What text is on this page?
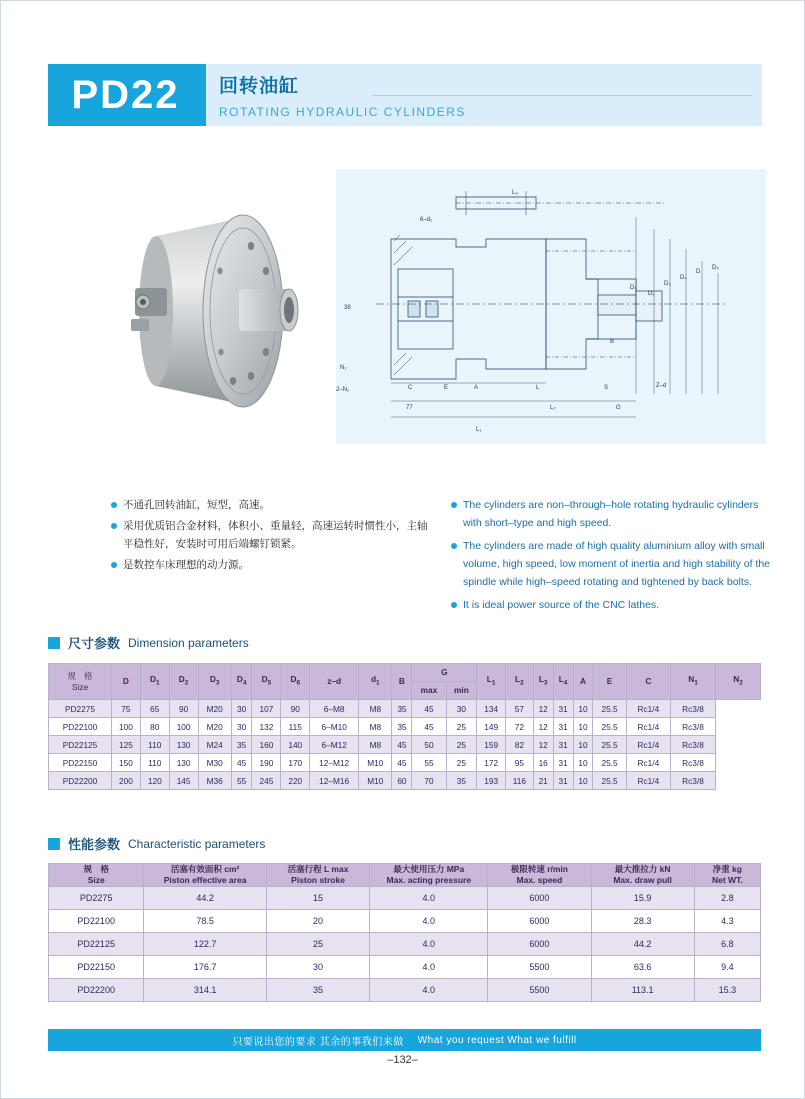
PD22	回转油缸
ROTATING HYDRAULIC CYLINDERS
D₁
D₂
D₃
D₄
D
D₅
L₃
6–d₁
38
N₂
2–N₁	C	E	A
77
L
L₂
L₁
B
S
G
Z–d
不通孔回转油缸，短型，高速。
采用优质铝合金材料，体积小、重量轻，高速运转时惯性小，主轴平稳性好，安装时可用后端螺钉锁紧。
是数控车床理想的动力源。
The cylinders are non–through–hole rotating hydraulic cylinders with short–type and high speed.
The cylinders are made of high quality aluminium alloy with small volume, high speed, low moment of inertia and high stability of the spindle while high–speed rotating and tightened by back bolts.
It is ideal power source of the CNC lathes.
尺寸参数 Dimension parameters
规　格
Size	D	$D_1$	$D_2$	$D_3$	$D_4$	$D_5$	$D_6$	z–d	$d_1$	B	G		$L_1$	$L_2$	$L_3$	$L_4$	A	E	C	$N_1$	$N_2$
											max	min									
PD2275	75	65	90	M20	30	107	90	6–M8	M8	35	45	30	134	57	12	31	10	25.5	Rc1/4	Rc3/8	
PD22100	100	80	100	M20	30	132	115	6–M10	M8	35	45	25	149	72	12	31	10	25.5	Rc1/4	Rc3/8	
PD22125	125	110	130	M24	35	160	140	6–M12	M8	45	50	25	159	82	12	31	10	25.5	Rc1/4	Rc3/8	
PD22150	150	110	130	M30	45	190	170	12–M12	M10	45	55	25	172	95	16	31	10	25.5	Rc1/4	Rc3/8	
PD22200	200	120	145	M36	55	245	220	12–M16	M10	60	70	35	193	116	21	31	10	25.5	Rc1/4	Rc3/8	
性能参数 Characteristic parameters
规　格
Size

活塞有效面积 cm²
Piston effective area

活塞行程 L max
Piston stroke

最大使用压力 MPa
Max. acting pressure

极限转速 r/min
Max. speed

最大推拉力 kN
Max. draw pull

净重 kg
Net WT.

PD2275	44.2	15	4.0	6000	15.9	2.8
PD22100	78.5	20	4.0	6000	28.3	4.3
PD22125	122.7	25	4.0	6000	44.2	6.8
PD22150	176.7	30	4.0	5500	63.6	9.4
PD22200	314.1	35	4.0	5500	113.1	15.3
只要说出您的要求 其余的事我们来做 What you request What we fulfill
–132–
